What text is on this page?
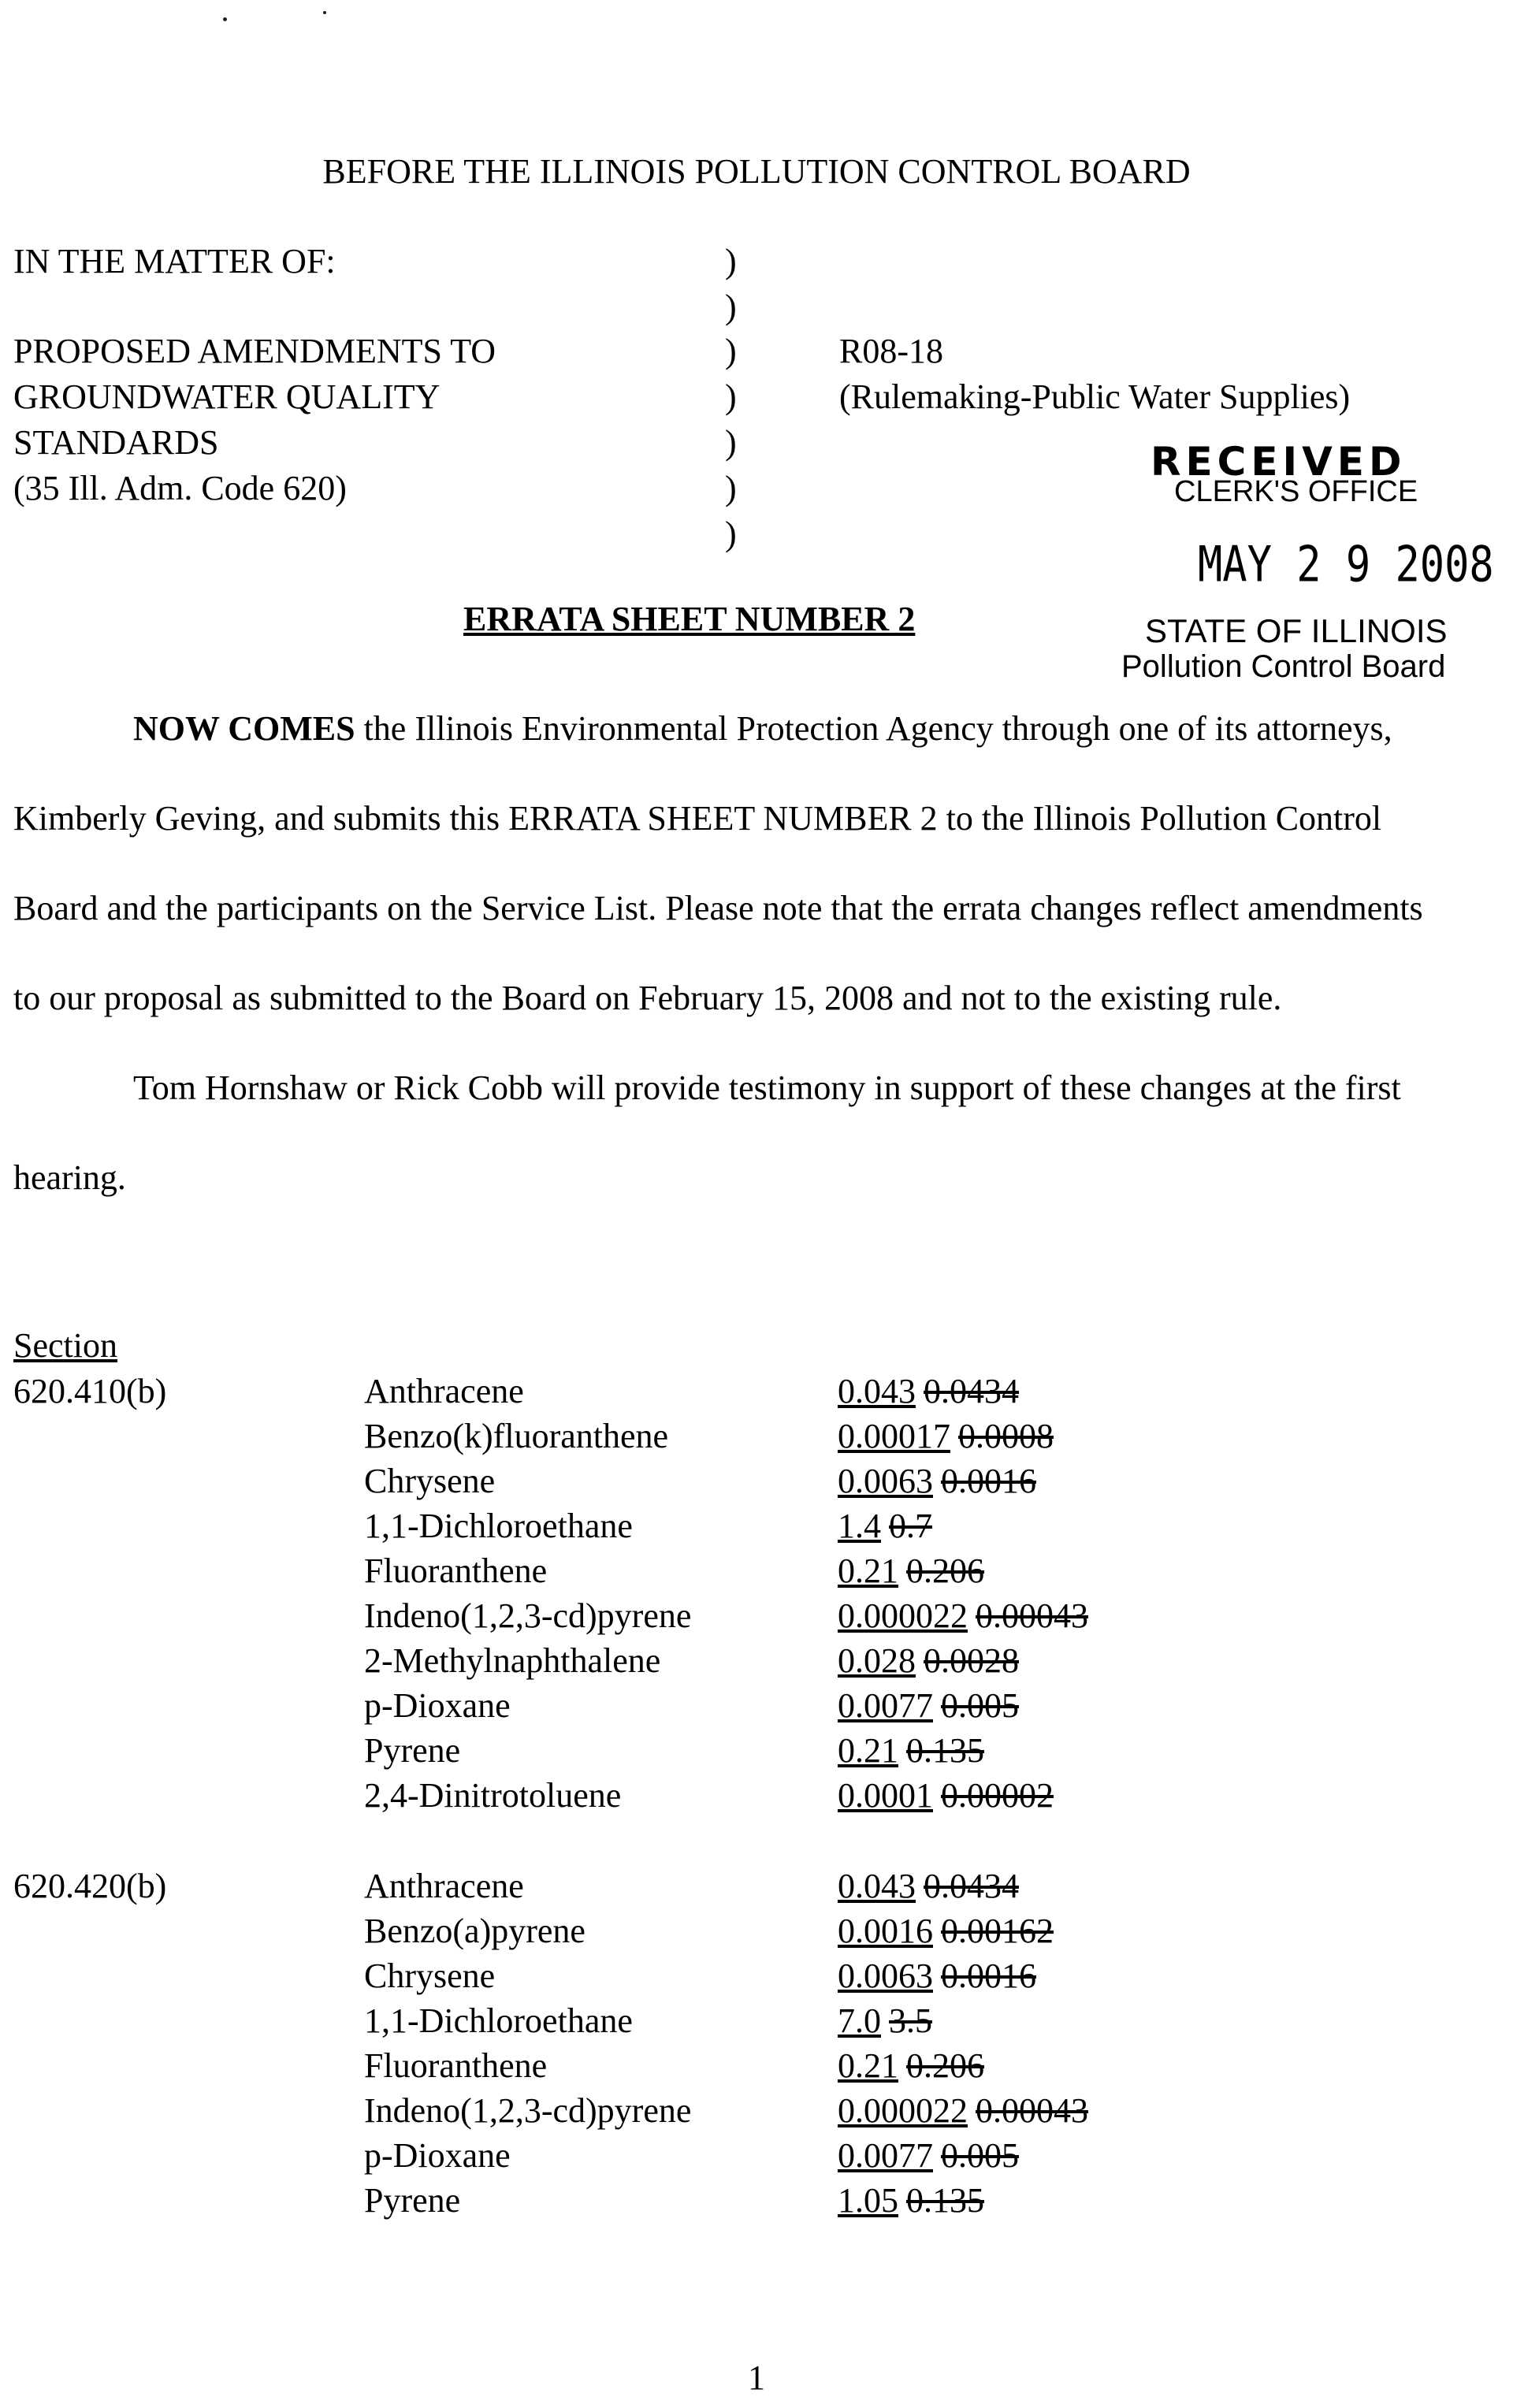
BEFORE THE ILLINOIS POLLUTION CONTROL BOARD
IN THE MATTER OF:
PROPOSED AMENDMENTS TO
GROUNDWATER QUALITY
STANDARDS
(35 Ill. Adm. Code 620)
)
)
)
)
)
)
)
R08-18
(Rulemaking-Public Water Supplies)
RECEIVED
CLERK'S OFFICE
MAY 2 9 2008
STATE OF ILLINOIS
Pollution Control Board
ERRATA SHEET NUMBER 2

NOW COMES the Illinois Environmental Protection Agency through one of its attorneys, Kimberly Geving, and submits this ERRATA SHEET NUMBER 2 to the Illinois Pollution Control Board and the participants on the Service List. Please note that the errata changes reflect amendments to our proposal as submitted to the Board on February 15, 2008 and not to the existing rule.

Tom Hornshaw or Rick Cobb will provide testimony in support of these changes at the first hearing.

Section
620.410(b)	Anthracene	0.043 0.0434
Benzo(k)fluoranthene	0.00017 0.0008
Chrysene	0.0063 0.0016
1,1-Dichloroethane	1.4 0.7
Fluoranthene	0.21 0.206
Indeno(1,2,3-cd)pyrene	0.000022 0.00043
2-Methylnaphthalene	0.028 0.0028
p-Dioxane	0.0077 0.005
Pyrene	0.21 0.135
2,4-Dinitrotoluene	0.0001 0.00002
620.420(b)	Anthracene	0.043 0.0434
Benzo(a)pyrene	0.0016 0.00162
Chrysene	0.0063 0.0016
1,1-Dichloroethane	7.0 3.5
Fluoranthene	0.21 0.206
Indeno(1,2,3-cd)pyrene	0.000022 0.00043
p-Dioxane	0.0077 0.005
Pyrene	1.05 0.135
1
